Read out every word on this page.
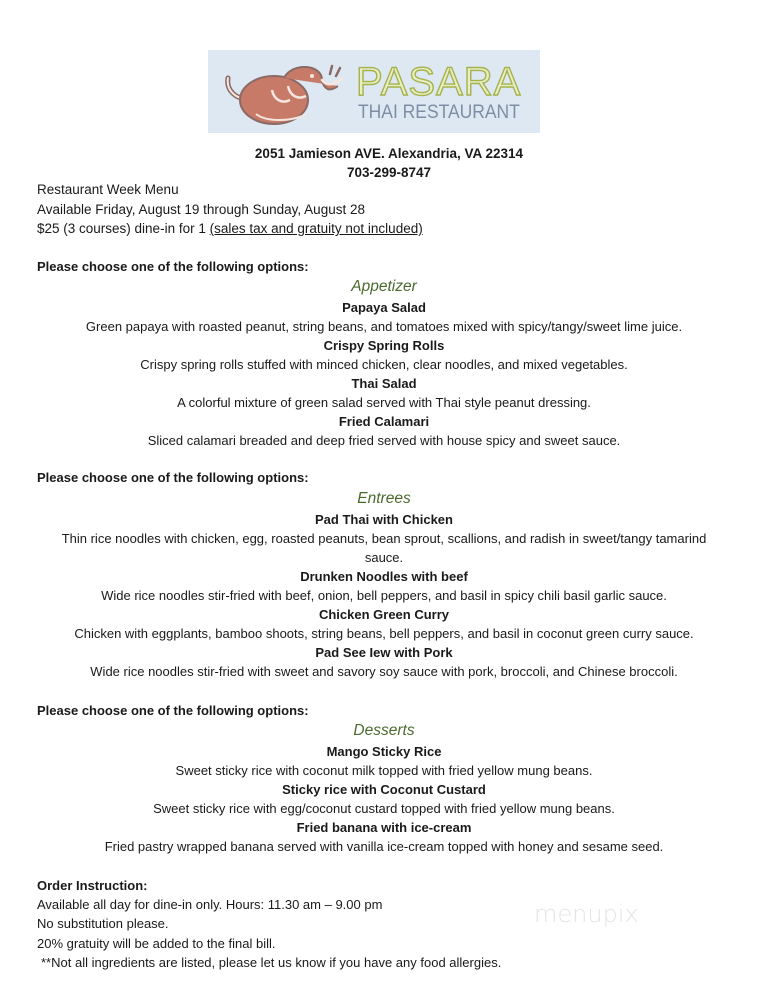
PASARA
THAI RESTAURANT
2051 Jamieson AVE. Alexandria, VA 22314
703-299-8747
Restaurant Week Menu
Available Friday, August 19 through Sunday, August 28
$25 (3 courses) dine-in for 1 (sales tax and gratuity not included)
Please choose one of the following options:
Appetizer
Papaya Salad
Green papaya with roasted peanut, string beans, and tomatoes mixed with spicy/tangy/sweet lime juice.
Crispy Spring Rolls
Crispy spring rolls stuffed with minced chicken, clear noodles, and mixed vegetables.
Thai Salad
A colorful mixture of green salad served with Thai style peanut dressing.
Fried Calamari
Sliced calamari breaded and deep fried served with house spicy and sweet sauce.
Please choose one of the following options:
Entrees
Pad Thai with Chicken
Thin rice noodles with chicken, egg, roasted peanuts, bean sprout, scallions, and radish in sweet/tangy tamarind sauce.
Drunken Noodles with beef
Wide rice noodles stir-fried with beef, onion, bell peppers, and basil in spicy chili basil garlic sauce.
Chicken Green Curry
Chicken with eggplants, bamboo shoots, string beans, bell peppers, and basil in coconut green curry sauce.
Pad See Iew with Pork
Wide rice noodles stir-fried with sweet and savory soy sauce with pork, broccoli, and Chinese broccoli.
Please choose one of the following options:
Desserts
Mango Sticky Rice
Sweet sticky rice with coconut milk topped with fried yellow mung beans.
Sticky rice with Coconut Custard
Sweet sticky rice with egg/coconut custard topped with fried yellow mung beans.
Fried banana with ice-cream
Fried pastry wrapped banana served with vanilla ice-cream topped with honey and sesame seed.
Order Instruction:
Available all day for dine-in only. Hours: 11.30 am – 9.00 pm
No substitution please.
20% gratuity will be added to the final bill.
**Not all ingredients are listed, please let us know if you have any food allergies.
menupix
